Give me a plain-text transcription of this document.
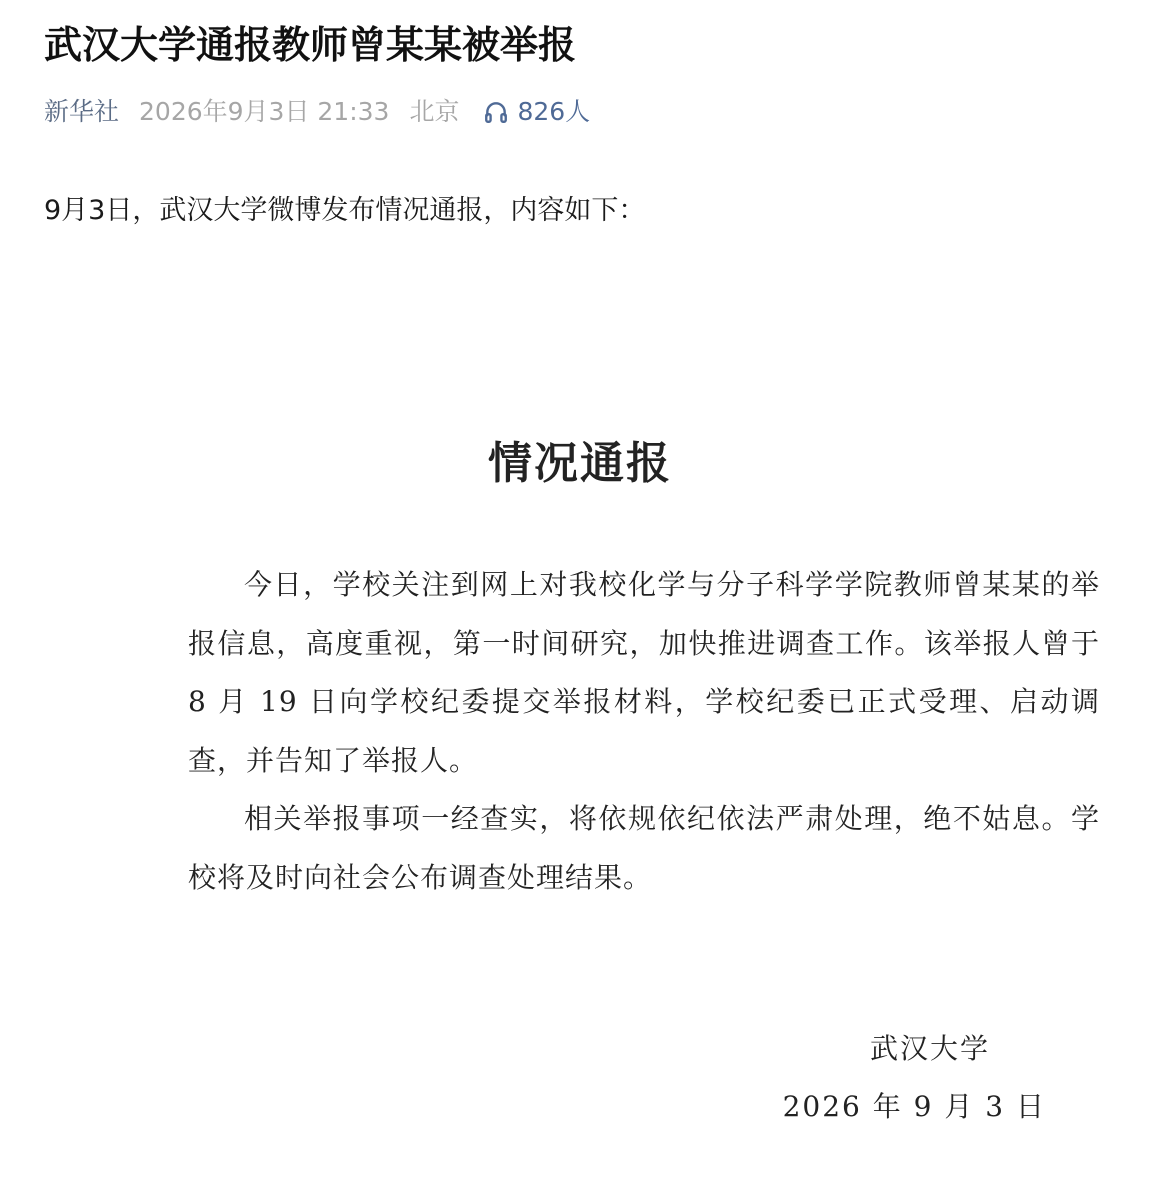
武汉大学通报教师曾某某被举报
新华社 2026年9月3日 21:33 北京 826人

9月3日，武汉大学微博发布情况通报，内容如下：

情况通报

今日，学校关注到网上对我校化学与分子科学学院教师曾某某的举报信息，高度重视，第一时间研究，加快推进调查工作。该举报人曾于 8 月 19 日向学校纪委提交举报材料，学校纪委已正式受理、启动调查，并告知了举报人。

相关举报事项一经查实，将依规依纪依法严肃处理，绝不姑息。学校将及时向社会公布调查处理结果。

武汉大学
2026 年 9 月 3 日
